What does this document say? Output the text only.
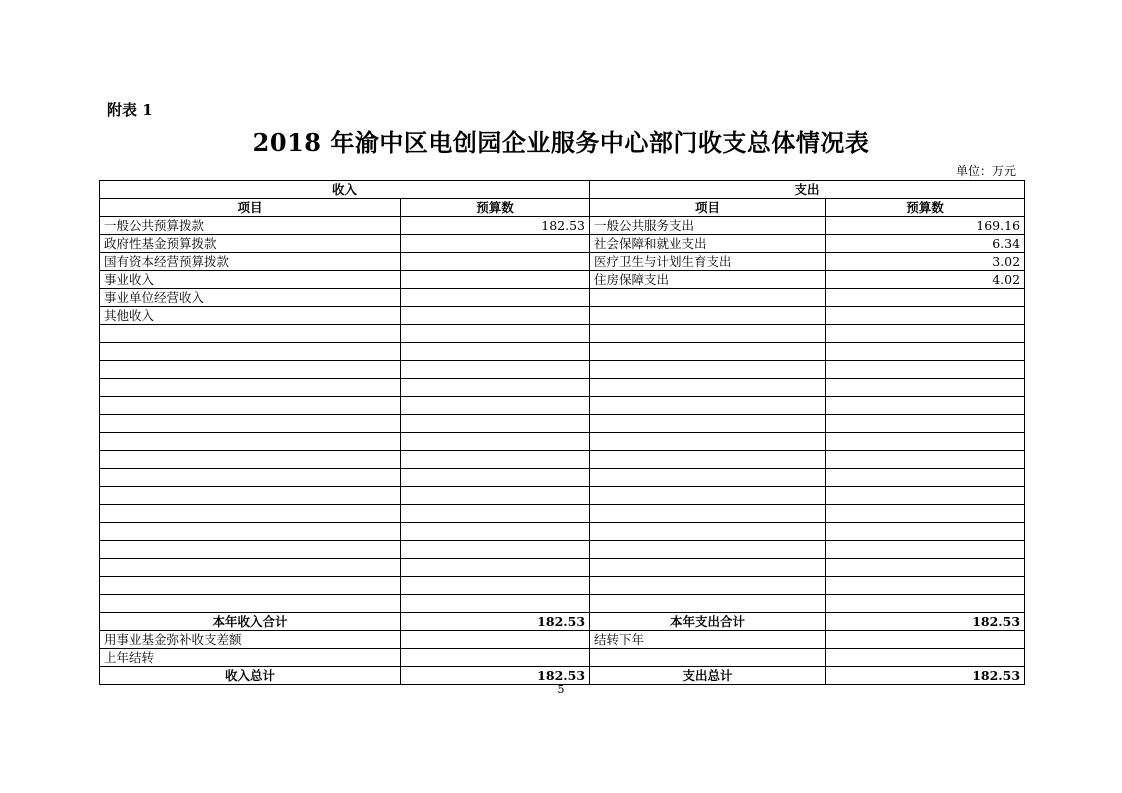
附表 1
2018 年渝中区电创园企业服务中心部门收支总体情况表
单位：万元
收入		支出	
项目	预算数	项目	预算数
一般公共预算拨款	182.53	一般公共服务支出	169.16
政府性基金预算拨款		社会保障和就业支出	6.34
国有资本经营预算拨款		医疗卫生与计划生育支出	3.02
事业收入		住房保障支出	4.02
事业单位经营收入			
其他收入			

本年收入合计	182.53	本年支出合计	182.53
用事业基金弥补收支差额		结转下年	
上年结转			
收入总计	182.53	支出总计	182.53
5
